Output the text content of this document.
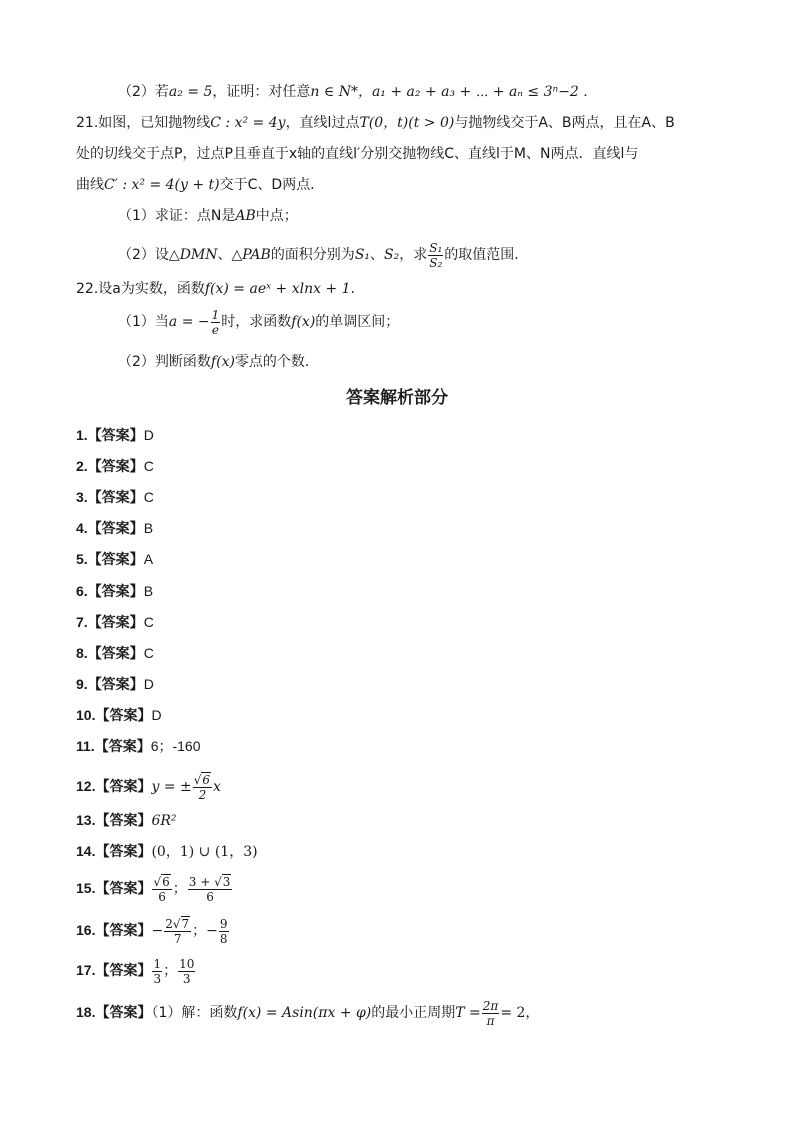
（2）若a₂ = 5，证明：对任意n ∈ N*，a₁ + a₂ + a₃ + ⋯ + aₙ ≤ 3ⁿ−2 .
21.如图，已知抛物线C : x² = 4y，直线l过点T(0，t)(t > 0)与抛物线交于A、B两点，且在A、B
处的切线交于点P，过点P且垂直于x轴的直线l′分别交抛物线C、直线l于M、N两点．直线l与
曲线C′ : x² = 4(y + t)交于C、D两点．
（1）求证：点N是AB中点；
（2）设△DMN、△PAB的面积分别为S₁、S₂，求 $\frac{\text{S₁}}{\text{S₂}}$ 的取值范围．
22.设a为实数，函数f(x) = aeˣ + xlnx + 1.
（1）当a = − $\frac{1}{e}$ 时，求函数f(x)的单调区间；
（2）判断函数f(x)零点的个数．
答案解析部分
1.【答案】D
2.【答案】C
3.【答案】C
4.【答案】B
5.【答案】A
6.【答案】B
7.【答案】C
8.【答案】C
9.【答案】D
10.【答案】D
11.【答案】6；-160
12.【答案】y = ± $\frac{√6}{2}$ x
13.【答案】6R²
14.【答案】(0，1) ∪ (1，3)
15.【答案】 $\frac{√6}{6}$ ； $\frac{3 + √3}{6}$
16.【答案】− $\frac{2√7}{7}$ ；− $\frac{9}{8}$
17.【答案】 $\frac{1}{3}$ ； $\frac{10}{3}$
18.【答案】（1）解：函数f(x) = Asin(πx + φ)的最小正周期$T = \frac{2\pi}{\pi} = 2$，
